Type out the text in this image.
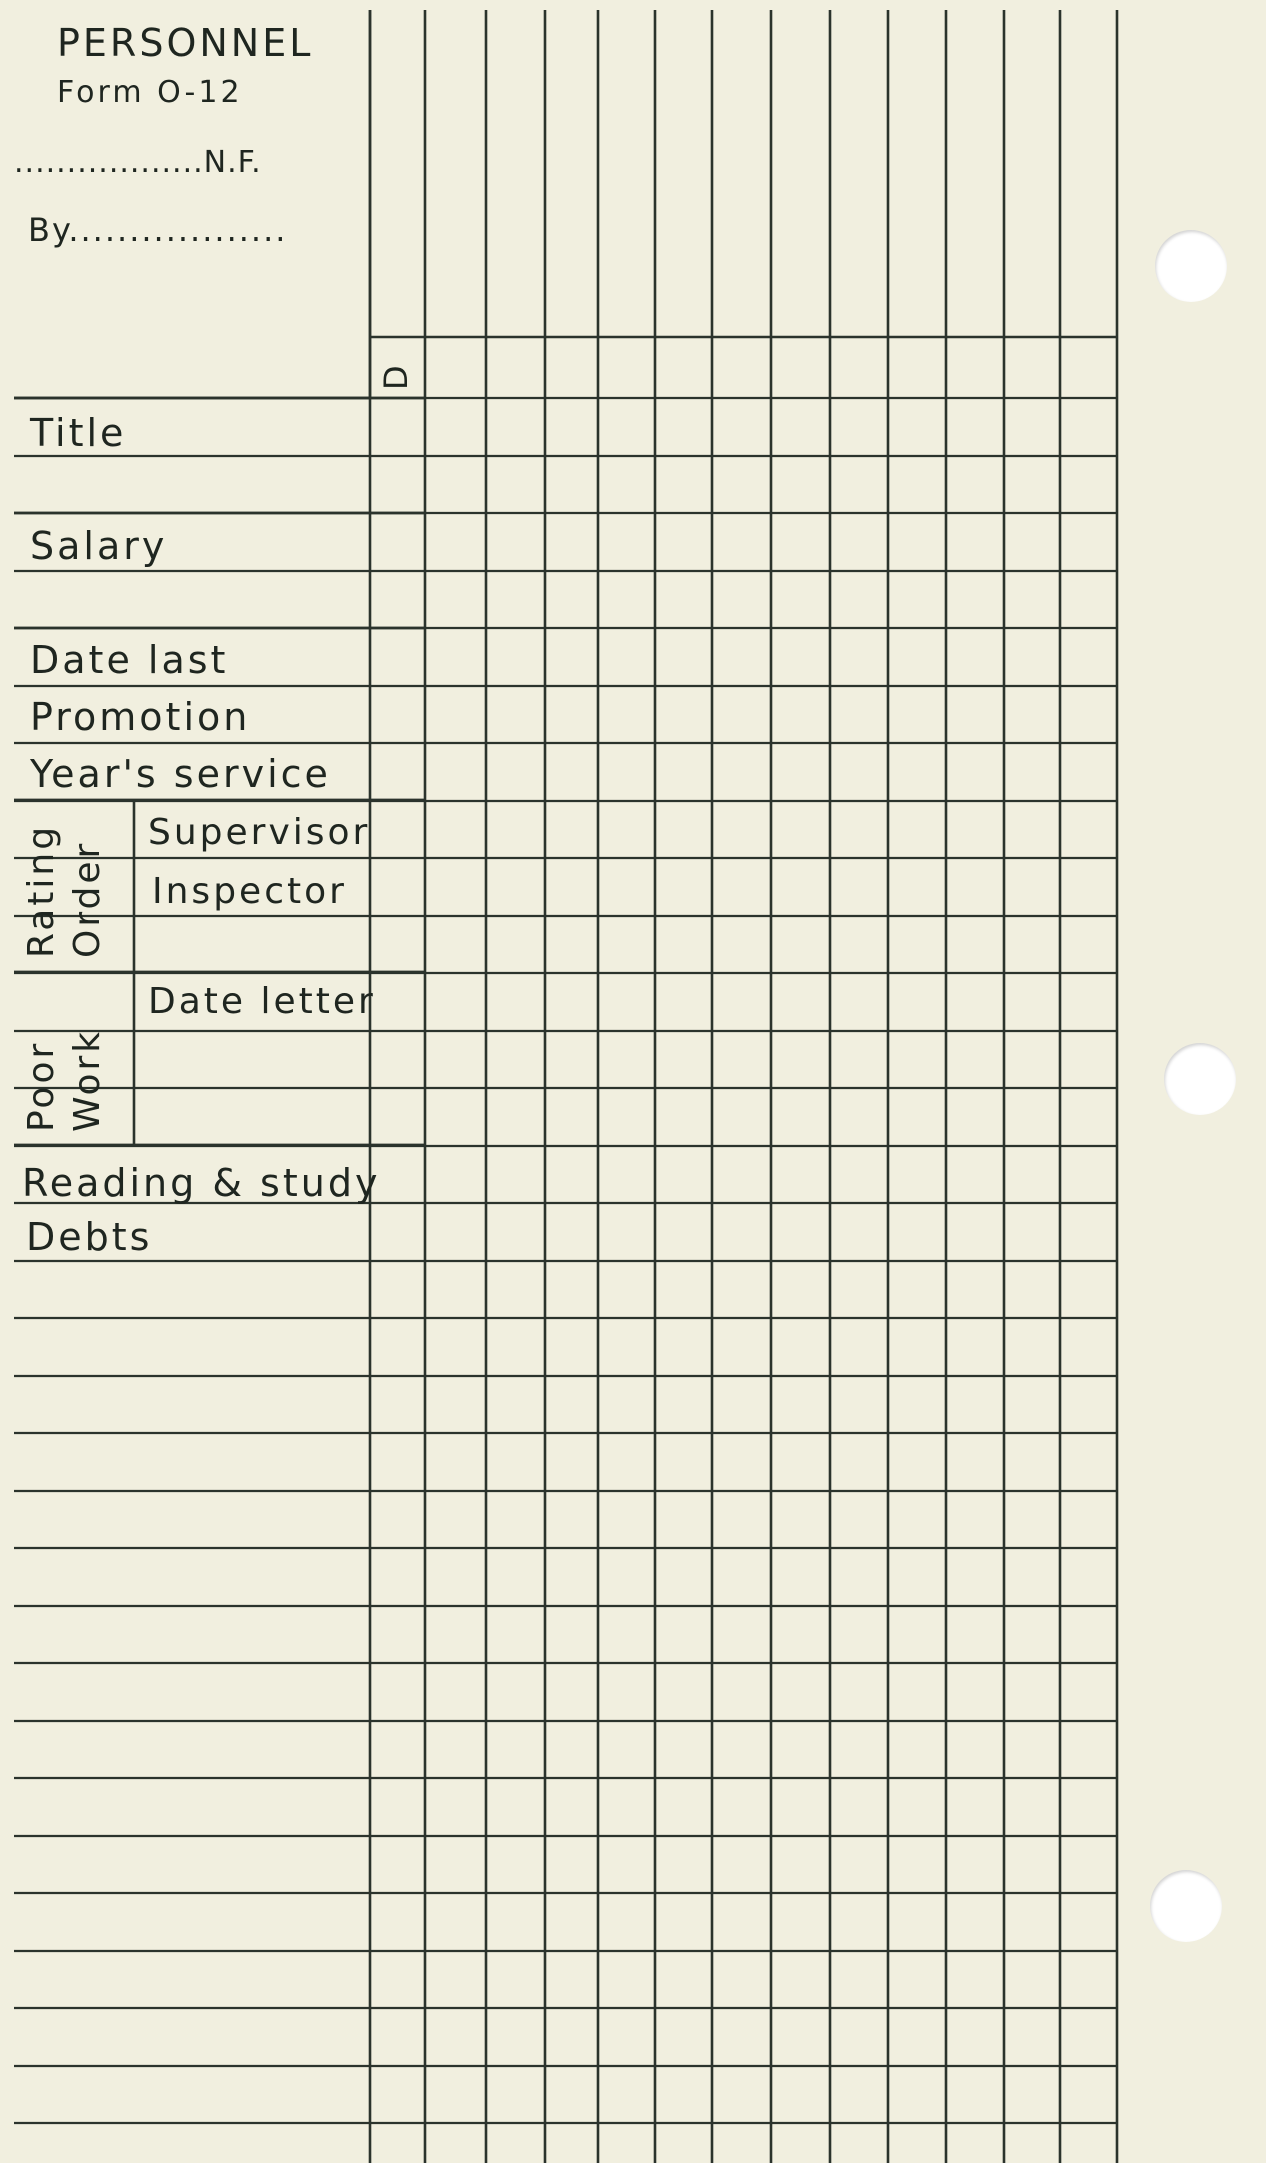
PERSONNEL
Form O-12
..................N.F.
By..................
D
Title
Salary
Date last
Promotion
Year's service
Rating Order
Supervisor
Inspector
Poor Work
Date letter
Reading & study
Debts
